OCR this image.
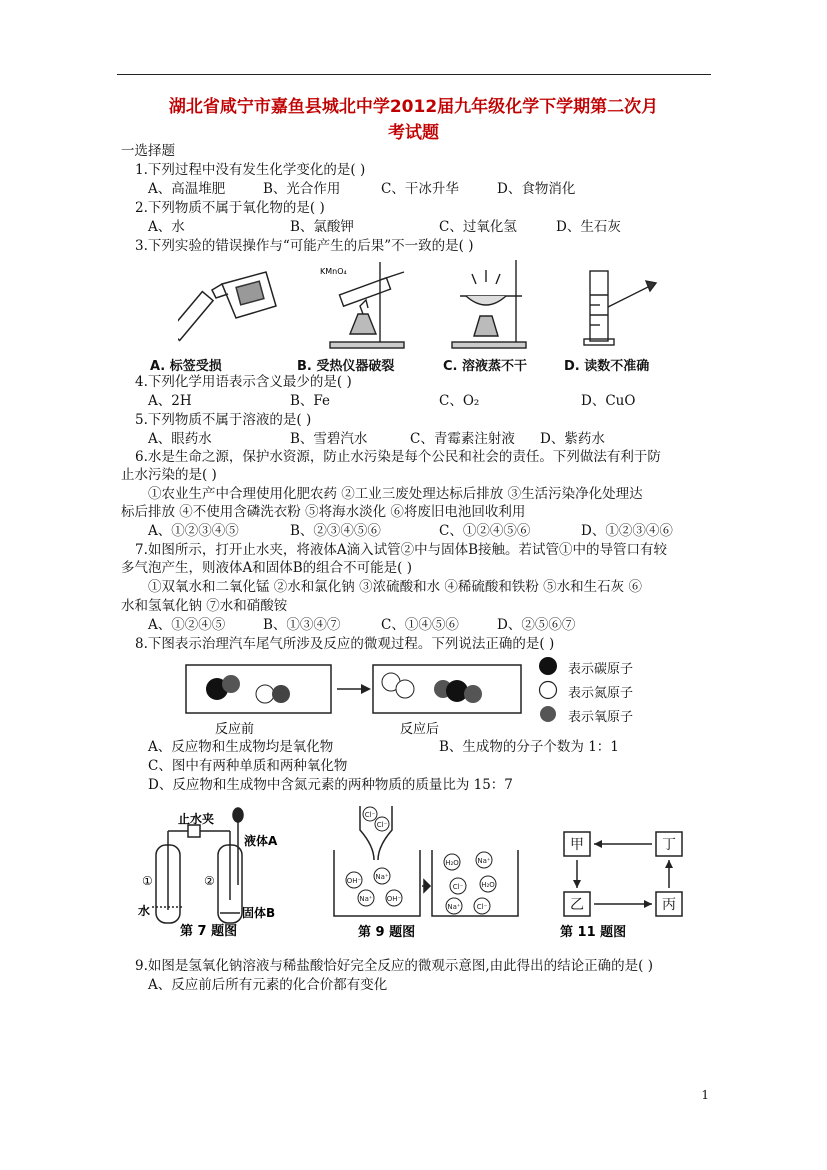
湖北省咸宁市嘉鱼县城北中学2012届九年级化学下学期第二次月
考试题
一选择题
1.下列过程中没有发生化学变化的是( )
A、高温堆肥	B、光合作用	C、干冰升华	D、食物消化
2.下列物质不属于氧化物的是( )
A、水	B、氯酸钾	C、过氧化氢	D、生石灰
3.下列实验的错误操作与“可能产生的后果”不一致的是( )
KMnO₄
A. 标签受损	B. 受热仪器破裂	C. 溶液蒸不干	D. 读数不准确
4.下列化学用语表示含义最少的是( )
A、2H	B、Fe	C、O₂	D、CuO
5.下列物质不属于溶液的是( )
A、眼药水	B、雪碧汽水	C、青霉素注射液 D、紫药水
6.水是生命之源，保护水资源，防止水污染是每个公民和社会的责任。下列做法有利于防
止水污染的是( )
①农业生产中合理使用化肥农药 ②工业三废处理达标后排放 ③生活污染净化处理达
标后排放 ④不使用含磷洗衣粉 ⑤将海水淡化 ⑥将废旧电池回收利用
A、①②③④⑤	B、②③④⑤⑥	C、①②④⑤⑥	D、①②③④⑥
7.如图所示，打开止水夹，将液体A滴入试管②中与固体B接触。若试管①中的导管口有较
多气泡产生，则液体A和固体B的组合不可能是( )
①双氧水和二氧化锰 ②水和氯化钠 ③浓硫酸和水 ④稀硫酸和铁粉 ⑤水和生石灰 ⑥
水和氢氧化钠 ⑦水和硝酸铵
A、①②④⑤	B、①③④⑦	C、①④⑤⑥	D、②⑤⑥⑦
8.下图表示治理汽车尾气所涉及反应的微观过程。下列说法正确的是( )
反应前	反应后
表示碳原子
表示氮原子
表示氧原子
A、反应物和生成物均是氧化物	B、生成物的分子个数为 1：1
C、图中有两种单质和两种氧化物
D、反应物和生成物中含氮元素的两种物质的质量比为 15：7
止水夹
液体A
固体B
水
①	②
第 7 题图
Cl⁻
Cl⁻
OH⁻ Na⁺
Na⁺ OH⁻
H₂O	Na⁺
Cl⁻	H₂O
Na⁺ Cl⁻
第 9 题图
甲	丁
乙	丙
第 11 题图
9.如图是氢氧化钠溶液与稀盐酸恰好完全反应的微观示意图,由此得出的结论正确的是( )
A、反应前后所有元素的化合价都有变化
1
